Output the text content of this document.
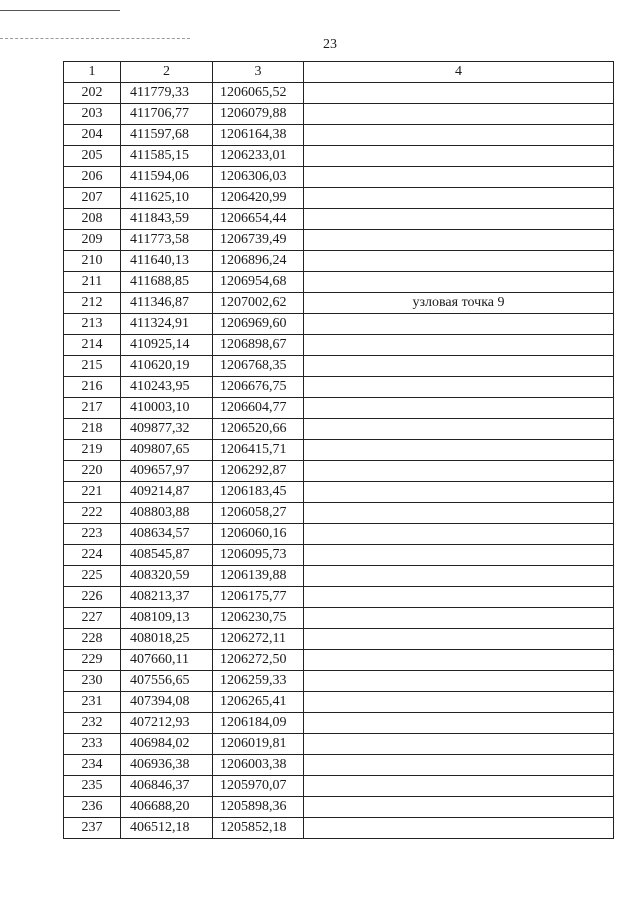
23
1	2	3	4
202	411779,33	1206065,52	
203	411706,77	1206079,88	
204	411597,68	1206164,38	
205	411585,15	1206233,01	
206	411594,06	1206306,03	
207	411625,10	1206420,99	
208	411843,59	1206654,44	
209	411773,58	1206739,49	
210	411640,13	1206896,24	
211	411688,85	1206954,68	
212	411346,87	1207002,62	узловая точка 9
213	411324,91	1206969,60	
214	410925,14	1206898,67	
215	410620,19	1206768,35	
216	410243,95	1206676,75	
217	410003,10	1206604,77	
218	409877,32	1206520,66	
219	409807,65	1206415,71	
220	409657,97	1206292,87	
221	409214,87	1206183,45	
222	408803,88	1206058,27	
223	408634,57	1206060,16	
224	408545,87	1206095,73	
225	408320,59	1206139,88	
226	408213,37	1206175,77	
227	408109,13	1206230,75	
228	408018,25	1206272,11	
229	407660,11	1206272,50	
230	407556,65	1206259,33	
231	407394,08	1206265,41	
232	407212,93	1206184,09	
233	406984,02	1206019,81	
234	406936,38	1206003,38	
235	406846,37	1205970,07	
236	406688,20	1205898,36	
237	406512,18	1205852,18	
